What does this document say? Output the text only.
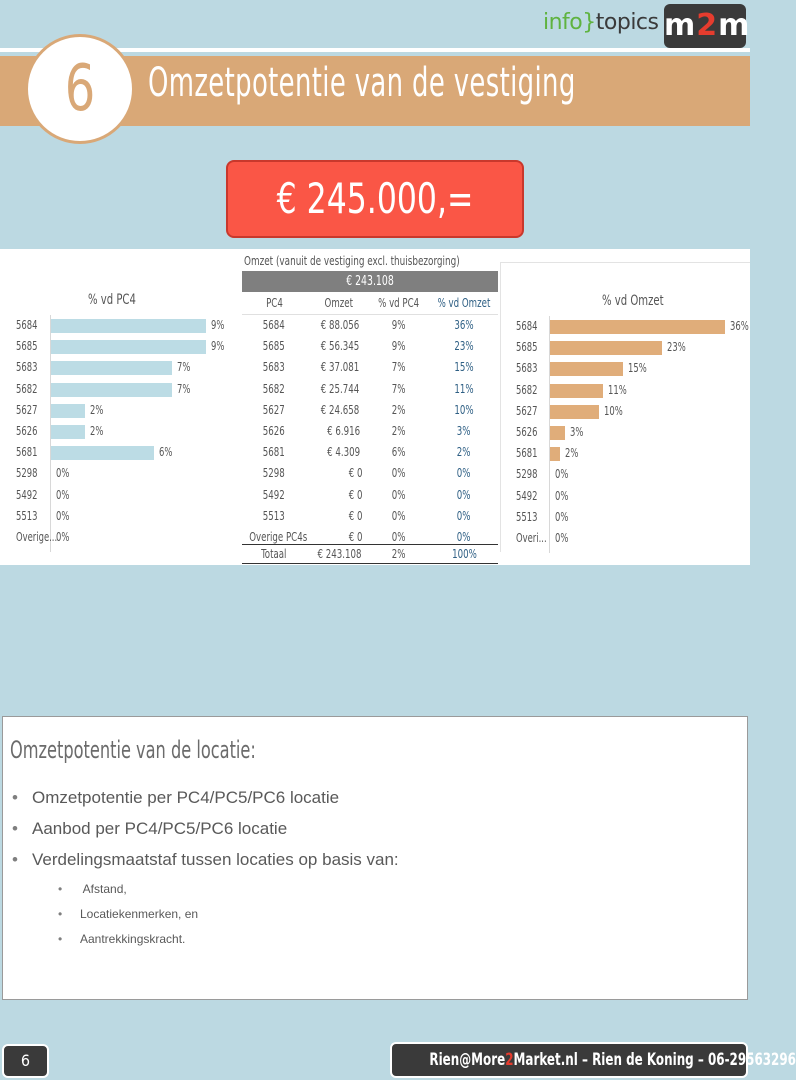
info}topics m2m
Omzetpotentie van de vestiging
6
€ 245.000,=
% vd PC4
5684	9%
5685	9%
5683	7%
5682	7%
5627	2%
5626	2%
5681	6%
5298 0%
5492 0%
5513 0%
Overige...
0%
% vd Omzet
5684	36%
5685	23%
5683	15%
5682	11%
5627	10%
5626	3%
5681 2%
5298 0%
5492 0%
5513 0%
Overi... 0%
Omzet (vanuit de vestiging excl. thuisbezorging)
€ 243.108
PC4	Omzet	% vd PC4	% vd Omzet
5684	€ 88.056	9%	36%
5685	€ 56.345	9%	23%
5683	€ 37.081	7%	15%
5682	€ 25.744	7%	11%
5627	€ 24.658	2%	10%
5626	€ 6.916	2%	3%
5681	€ 4.309	6%	2%
5298	€ 0	0%	0%
5492	€ 0	0%	0%
5513	€ 0	0%	0%
Overige PC4s	€ 0	0%	0%
Totaal	€ 243.108	2%	100%
Omzetpotentie van de locatie:
• Omzetpotentie per PC4/PC5/PC6 locatie
• Aanbod per PC4/PC5/PC6 locatie
• Verdelingsmaatstaf tussen locaties op basis van:
• Afstand,
• Locatiekenmerken, en
• Aantrekkingskracht.
6	Rien@More2Market.nl – Rien de Koning – 06-29563296
